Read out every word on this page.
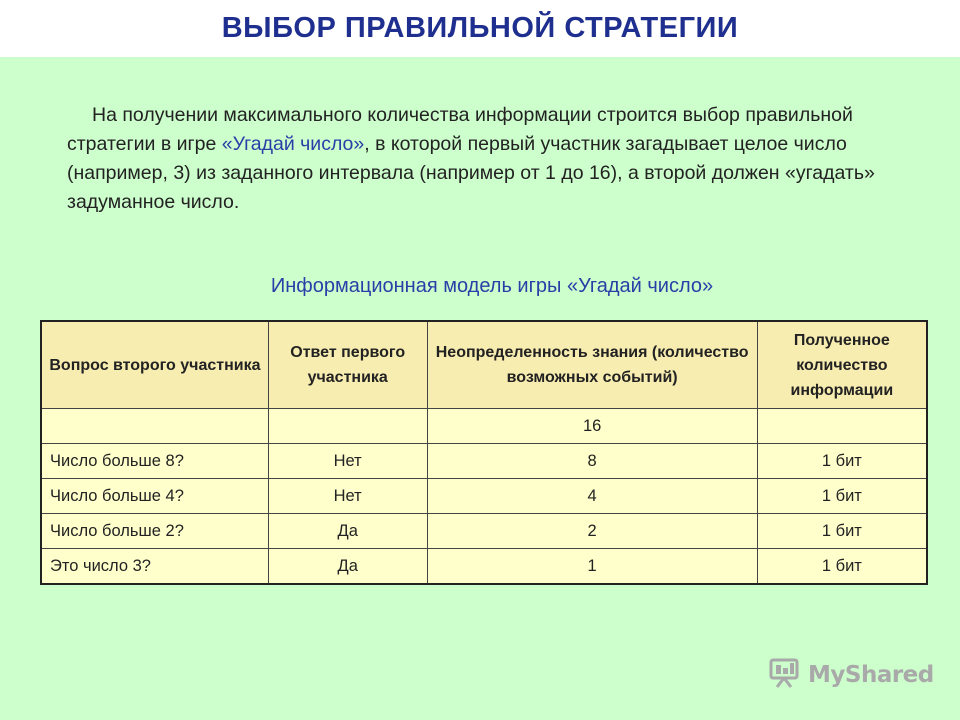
ВЫБОР ПРАВИЛЬНОЙ СТРАТЕГИИ
На получении максимального количества информации строится выбор правильной стратегии в игре «Угадай число», в которой первый участник загадывает целое число (например, 3) из заданного интервала (например от 1 до 16), а второй должен «угадать» задуманное число.
Информационная модель игры «Угадай число»
Вопрос второго участника	Ответ первого участника	Неопределенность знания (количество возможных событий)	Полученное количество информации
		16	
Число больше 8?	Нет	8	1 бит
Число больше 4?	Нет	4	1 бит
Число больше 2?	Да	2	1 бит
Это число 3?	Да	1	1 бит
MyShared
